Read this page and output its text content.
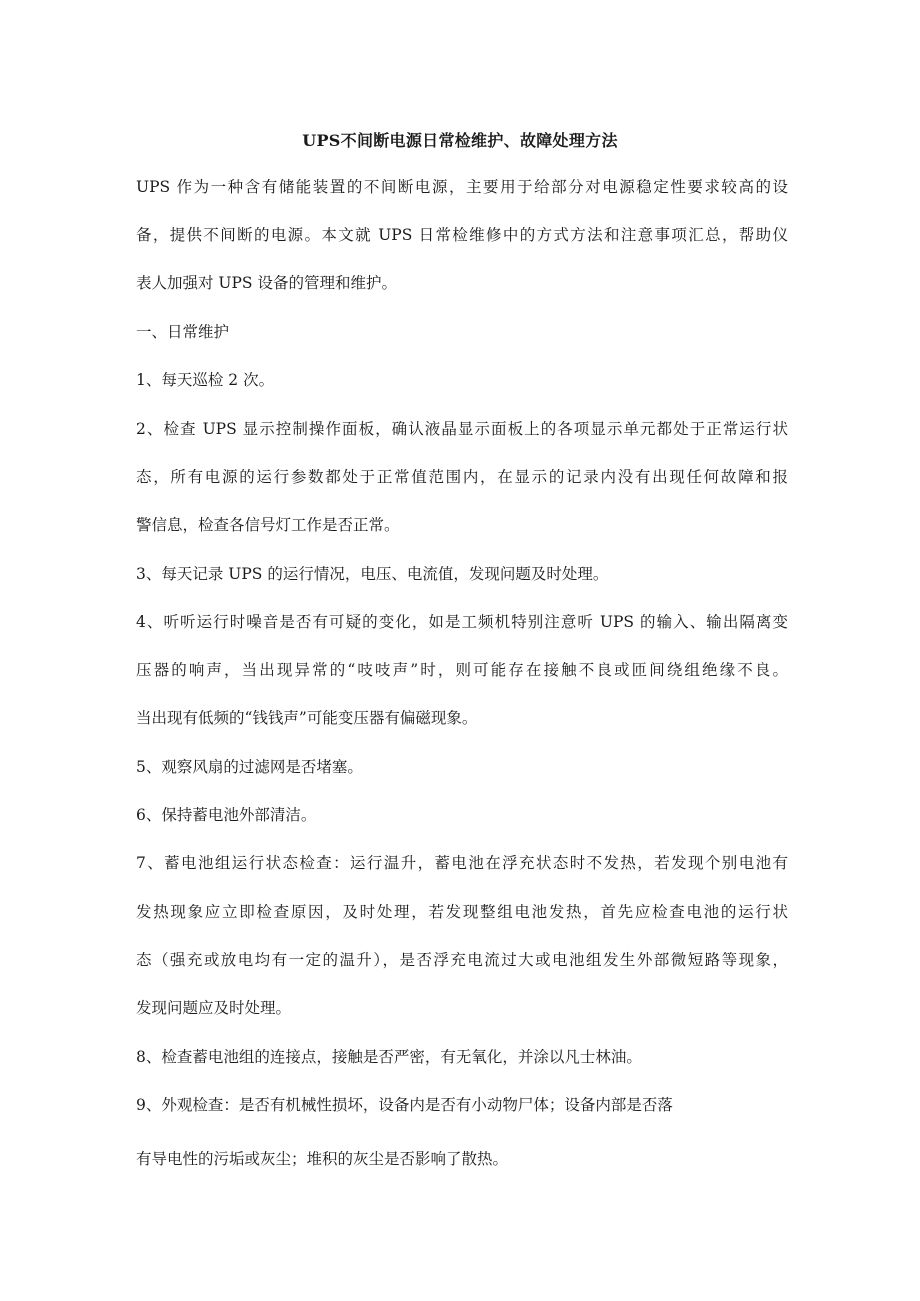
UPS不间断电源日常检维护、故障处理方法
UPS 作为一种含有储能装置的不间断电源，主要用于给部分对电源稳定性要求较高的设
备，提供不间断的电源。本文就 UPS 日常检维修中的方式方法和注意事项汇总，帮助仪
表人加强对 UPS 设备的管理和维护。
一、日常维护
1、每天巡检 2 次。
2、检查 UPS 显示控制操作面板，确认液晶显示面板上的各项显示单元都处于正常运行状
态，所有电源的运行参数都处于正常值范围内，在显示的记录内没有出现任何故障和报
警信息，检查各信号灯工作是否正常。
3、每天记录 UPS 的运行情况，电压、电流值，发现问题及时处理。
4、听听运行时噪音是否有可疑的变化，如是工频机特别注意听 UPS 的输入、输出隔离变
压器的响声，当出现异常的“吱吱声”时，则可能存在接触不良或匝间绕组绝缘不良。
当出现有低频的“钱钱声”可能变压器有偏磁现象。
5、观察风扇的过滤网是否堵塞。
6、保持蓄电池外部清洁。
7、蓄电池组运行状态检查：运行温升，蓄电池在浮充状态时不发热，若发现个别电池有
发热现象应立即检查原因，及时处理，若发现整组电池发热，首先应检查电池的运行状
态（强充或放电均有一定的温升），是否浮充电流过大或电池组发生外部微短路等现象，
发现问题应及时处理。
8、检查蓄电池组的连接点，接触是否严密，有无氧化，并涂以凡士林油。
9、外观检查：是否有机械性损坏，设备内是否有小动物尸体；设备内部是否落
有导电性的污垢或灰尘；堆积的灰尘是否影响了散热。
